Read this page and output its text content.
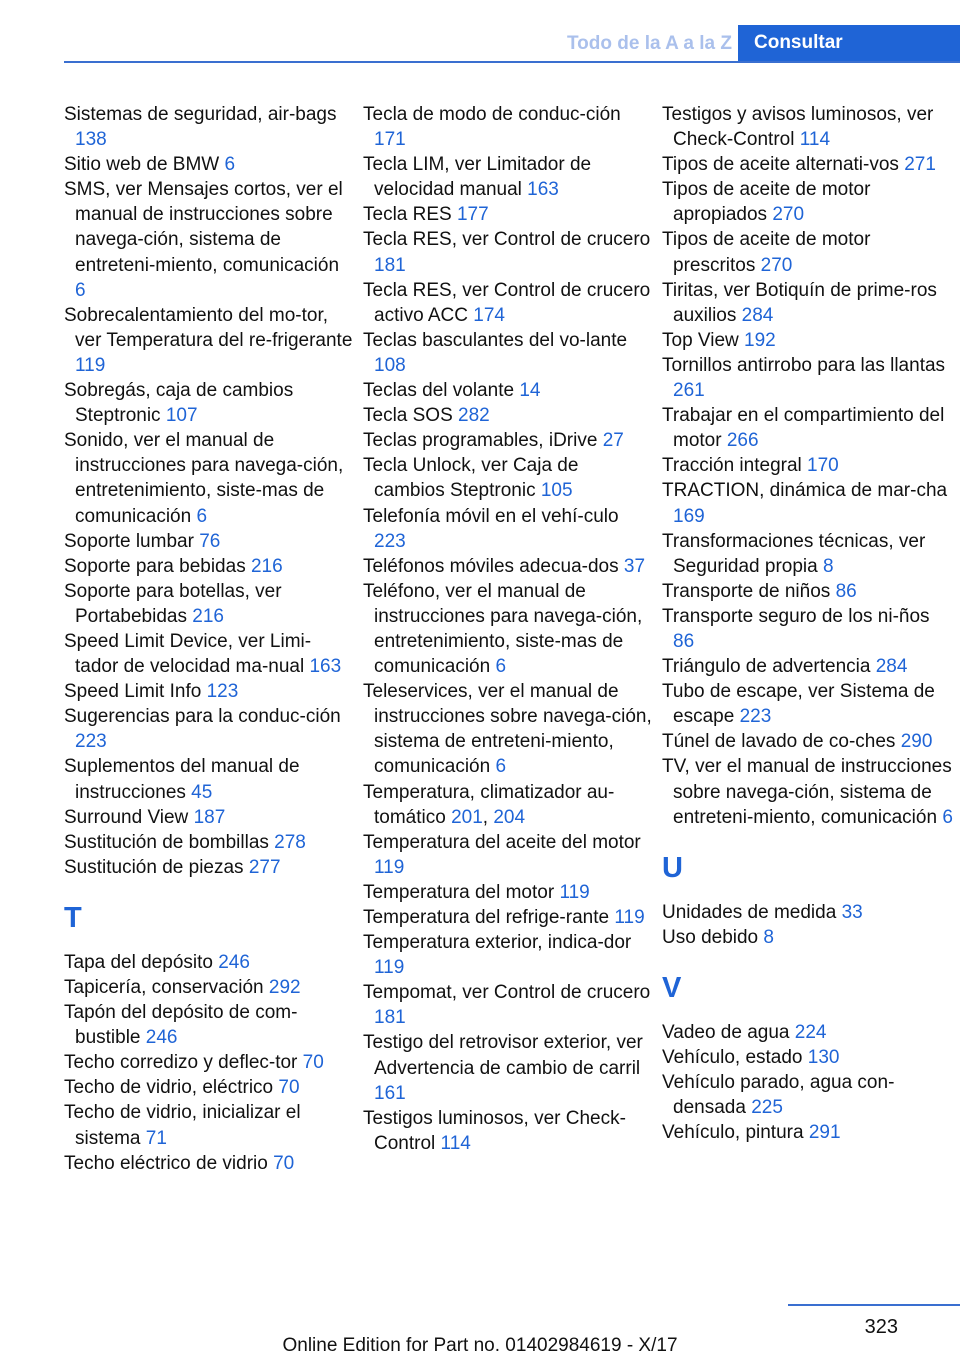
Todo de la A a la Z Consultar
Sistemas de seguridad, air‐bags 138
Sitio web de BMW 6
SMS, ver Mensajes cortos, ver el manual de instrucciones sobre navega‐ción, sistema de entreteni‐miento, comunicación 6
Sobrecalentamiento del mo‐tor, ver Temperatura del re‐frigerante 119
Sobregás, caja de cambios Steptronic 107
Sonido, ver el manual de instrucciones para navega‐ción, entretenimiento, siste‐mas de comunicación 6
Soporte lumbar 76
Soporte para bebidas 216
Soporte para botellas, ver Portabebidas 216
Speed Limit Device, ver Limi‐tador de velocidad ma‐nual 163
Speed Limit Info 123
Sugerencias para la conduc‐ción 223
Suplementos del manual de instrucciones 45
Surround View 187
Sustitución de bombillas 278
Sustitución de piezas 277
T
Tapa del depósito 246
Tapicería, conservación 292
Tapón del depósito de com‐bustible 246
Techo corredizo y deflec‐tor 70
Techo de vidrio, eléctrico 70
Techo de vidrio, inicializar el sistema 71
Techo eléctrico de vidrio 70
Tecla de modo de conduc‐ción 171
Tecla LIM, ver Limitador de velocidad manual 163
Tecla RES 177
Tecla RES, ver Control de crucero 181
Tecla RES, ver Control de crucero activo ACC 174
Teclas basculantes del vo‐lante 108
Teclas del volante 14
Tecla SOS 282
Teclas programables, iDrive 27
Tecla Unlock, ver Caja de cambios Steptronic 105
Telefonía móvil en el vehí‐culo 223
Teléfonos móviles adecua‐dos 37
Teléfono, ver el manual de instrucciones para navega‐ción, entretenimiento, siste‐mas de comunicación 6
Teleservices, ver el manual de instrucciones sobre navega‐ción, sistema de entreteni‐miento, comunicación 6
Temperatura, climatizador au‐tomático 201, 204
Temperatura del aceite del motor 119
Temperatura del motor 119
Temperatura del refrige‐rante 119
Temperatura exterior, indica‐dor 119
Tempomat, ver Control de crucero 181
Testigo del retrovisor exterior, ver Advertencia de cambio de carril 161
Testigos luminosos, ver Check-Control 114
Testigos y avisos luminosos, ver Check-Control 114
Tipos de aceite alternati‐vos 271
Tipos de aceite de motor apropiados 270
Tipos de aceite de motor prescritos 270
Tiritas, ver Botiquín de prime‐ros auxilios 284
Top View 192
Tornillos antirrobo para las llantas 261
Trabajar en el compartimiento del motor 266
Tracción integral 170
TRACTION, dinámica de mar‐cha 169
Transformaciones técnicas, ver Seguridad propia 8
Transporte de niños 86
Transporte seguro de los ni‐ños 86
Triángulo de advertencia 284
Tubo de escape, ver Sistema de escape 223
Túnel de lavado de co‐ches 290
TV, ver el manual de instrucciones sobre navega‐ción, sistema de entreteni‐miento, comunicación 6
U
Unidades de medida 33
Uso debido 8
V
Vadeo de agua 224
Vehículo, estado 130
Vehículo parado, agua con‐densada 225
Vehículo, pintura 291
323
Online Edition for Part no. 01402984619 - X/17
